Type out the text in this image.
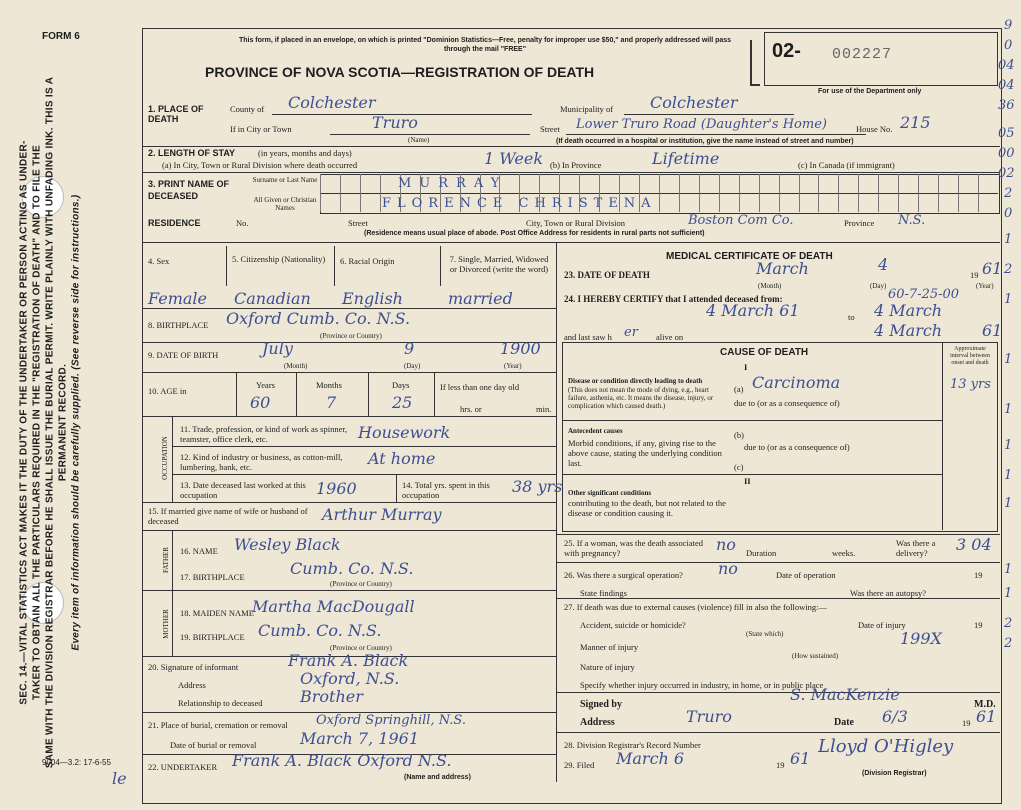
FORM 6
SEC. 14.—VITAL STATISTICS ACT MAKES IT THE DUTY OF THE UNDERTAKER OR PERSON ACTING AS UNDER- TAKER TO OBTAIN ALL THE PARTICULARS REQUIRED IN THE "REGISTRATION OF DEATH" AND TO FILE THE SAME WITH THE DIVISION REGISTRAR BEFORE HE SHALL ISSUE THE BURIAL PERMIT. WRITE PLAINLY WITH UNFADING INK. THIS IS A PERMANENT RECORD. Every item of information should be carefully supplied. (See reverse side for instructions.)
9004—3.2: 17-6-55
le
This form, if placed in an envelope, on which is printed "Dominion Statistics—Free, penalty for improper use $50," and properly addressed will pass through the mail "FREE"
PROVINCE OF NOVA SCOTIA—REGISTRATION OF DEATH
02- 002227
For use of the Department only
1. PLACE OF DEATH
County of Colchester	Municipality of Colchester
If in City or Town	Truro
(Name)
Street Lower Truro Road (Daughter's Home)	House No. 215
(If death occurred in a hospital or institution, give the name instead of street and number)
2. LENGTH OF STAY	(in years, months and days)
(a) In City, Town or Rural Division where death occurred	1 Week (b) In Province	Lifetime	(c) In Canada (if immigrant)
3. PRINT NAME OF DECEASED
Surname or Last Name
All Given or Christian Names
MURRAY
FLORENCE CHRISTENA
RESIDENCE	No.	Street	City, Town or Rural Division	Boston Com Co.	Province N.S.
(Residence means usual place of abode. Post Office Address for residents in rural parts not sufficient)
4. Sex	5. Citizenship (Nationality)	6. Racial Origin	7. Single, Married, Widowed or Divorced (write the word)
Female Canadian English	married
8. BIRTHPLACE Oxford Cumb. Co. N.S.
(Province or Country)
9. DATE OF BIRTH	July	9	1900
(Month)	(Day)	(Year)
10. AGE in
Years	Months	Days
60	7	25
If less than one day old
hrs. or	min.
OCCUPATION
11. Trade, profession, or kind of work as spinner, teamster, office clerk, etc.	Housework
12. Kind of industry or business, as cotton-mill, lumbering, bank, etc.	At home
13. Date deceased last worked at this occupation	1960	14. Total yrs. spent in this occupation	38 yrs
15. If married give name of wife or husband of deceased	Arthur Murray
FATHER 16. NAME Wesley Black
17. BIRTHPLACE	Cumb. Co. N.S.
(Province or Country)
MOTHER 18. MAIDEN NAME
Martha MacDougall
19. BIRTHPLACE Cumb. Co. N.S.
(Province or Country)
20. Signature of informant	Frank A. Black
Address	Oxford, N.S.
Relationship to deceased Brother
21. Place of burial, cremation or removal Oxford Springhill, N.S.
Date of burial or removal	March 7, 1961
22. UNDERTAKER Frank A. Black Oxford N.S.
(Name and address)
MEDICAL CERTIFICATE OF DEATH
23. DATE OF DEATH	March	4
19 61
(Month)	(Day)	(Year)
24. I HEREBY CERTIFY that I attended deceased from:	60-7-25-00
4 March 61	to 4 March
and last saw h er alive on	4 March 61
CAUSE OF DEATH	Approximate interval between onset and death
I
Disease or condition directly leading to death
(This does not mean the mode of dying, e.g., heart failure, asthenia, etc. It means the disease, injury, or complication which caused death.)
(a) Carcinoma	13 yrs
due to (or as a consequence of)
Antecedent causes
Morbid conditions, if any, giving rise to the above cause, stating the underlying condition last.
(b)
due to (or as a consequence of)
(c)
II
Other significant conditions
contributing to the death, but not related to the disease or condition causing it.
25. If a woman, was the death associated with pregnancy?	no Duration	weeks.
Was there a delivery?	3 04
26. Was there a surgical operation? no	Date of operation	19
State findings	Was there an autopsy?
27. If death was due to external causes (violence) fill in also the following:—
Accident, suicide or homicide?	Date of injury	19
(State which)
Manner of injury	199X
(How sustained)
Nature of injury
Specify whether injury occurred in industry, in home, or in public place
Signed by
S. MacKenzie
M.D.
Address	Truro	Date 6/3	19 61
28. Division Registrar's Record Number
29. Filed March 6	19 61
Lloyd O'Higley
(Division Registrar)
9
0
04
04
36
05
00
02
2
0
1
2
1
1
1
1
1
1
1
1
2
2
